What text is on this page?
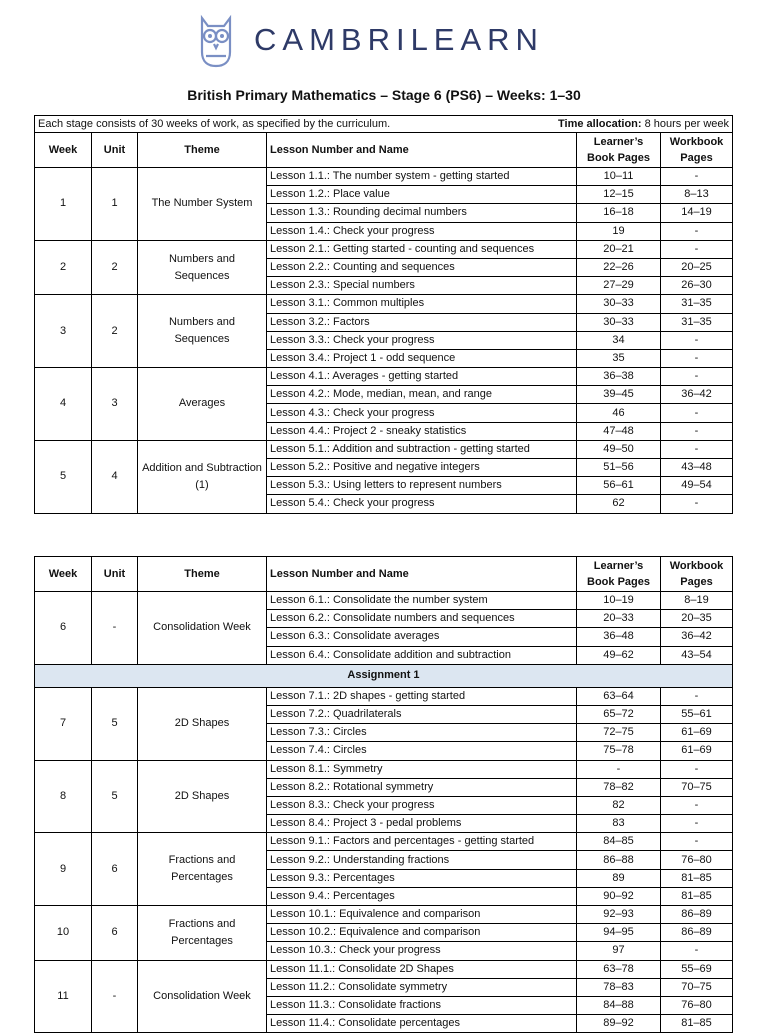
CAMBRILEARN
British Primary Mathematics – Stage 6 (PS6) – Weeks: 1–30
Each stage consists of 30 weeks of work, as specified by the curriculum. Time allocation: 8 hours per week					

Week	Unit	Theme	Lesson Number and Name	Learner’s
Book Pages	Workbook
Pages
1	1	The Number System	Lesson 1.1.: The number system - getting started	10–11	-
			Lesson 1.2.: Place value	12–15	8–13
			Lesson 1.3.: Rounding decimal numbers	16–18	14–19
			Lesson 1.4.: Check your progress	19	-
2	2	Numbers and Sequences	Lesson 2.1.: Getting started - counting and sequences	20–21	-
			Lesson 2.2.: Counting and sequences	22–26	20–25
			Lesson 2.3.: Special numbers	27–29	26–30
3	2	Numbers and Sequences	Lesson 3.1.: Common multiples	30–33	31–35
			Lesson 3.2.: Factors	30–33	31–35
			Lesson 3.3.: Check your progress	34	-
			Lesson 3.4.: Project 1 - odd sequence	35	-
4	3	Averages	Lesson 4.1.: Averages - getting started	36–38	-
			Lesson 4.2.: Mode, median, mean, and range	39–45	36–42
			Lesson 4.3.: Check your progress	46	-
			Lesson 4.4.: Project 2 - sneaky statistics	47–48	-
5	4	Addition and Subtraction (1)	Lesson 5.1.: Addition and subtraction - getting started	49–50	-
			Lesson 5.2.: Positive and negative integers	51–56	43–48
			Lesson 5.3.: Using letters to represent numbers	56–61	49–54
			Lesson 5.4.: Check your progress	62	-
Week	Unit	Theme	Lesson Number and Name	Learner’s
Book Pages	Workbook
Pages
6	-	Consolidation Week	Lesson 6.1.: Consolidate the number system	10–19	8–19
			Lesson 6.2.: Consolidate numbers and sequences	20–33	20–35
			Lesson 6.3.: Consolidate averages	36–48	36–42
			Lesson 6.4.: Consolidate addition and subtraction	49–62	43–54
Assignment 1					
7	5	2D Shapes	Lesson 7.1.: 2D shapes - getting started	63–64	-
			Lesson 7.2.: Quadrilaterals	65–72	55–61
			Lesson 7.3.: Circles	72–75	61–69
			Lesson 7.4.: Circles	75–78	61–69
8	5	2D Shapes	Lesson 8.1.: Symmetry	-	-
			Lesson 8.2.: Rotational symmetry	78–82	70–75
			Lesson 8.3.: Check your progress	82	-
			Lesson 8.4.: Project 3 - pedal problems	83	-
9	6	Fractions and Percentages	Lesson 9.1.: Factors and percentages - getting started	84–85	-
			Lesson 9.2.: Understanding fractions	86–88	76–80
			Lesson 9.3.: Percentages	89	81–85
			Lesson 9.4.: Percentages	90–92	81–85
10	6	Fractions and Percentages	Lesson 10.1.: Equivalence and comparison	92–93	86–89
			Lesson 10.2.: Equivalence and comparison	94–95	86–89
			Lesson 10.3.: Check your progress	97	-
11	-	Consolidation Week	Lesson 11.1.: Consolidate 2D Shapes	63–78	55–69
			Lesson 11.2.: Consolidate symmetry	78–83	70–75
			Lesson 11.3.: Consolidate fractions	84–88	76–80
			Lesson 11.4.: Consolidate percentages	89–92	81–85
